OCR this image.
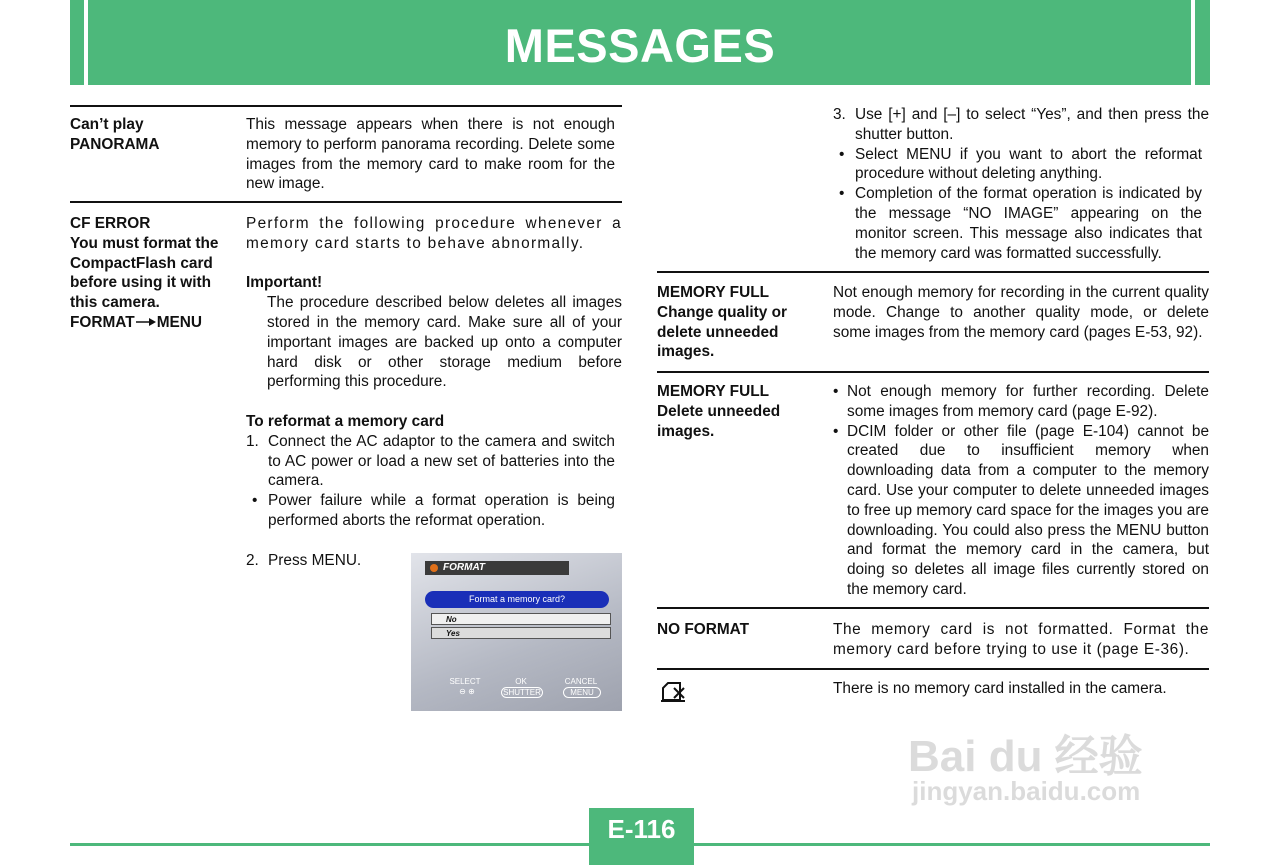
MESSAGES
Can’t play
PANORAMA
This message appears when there is not enough memory to perform panorama recording. Delete some images from the memory card to make room for the new image.
CF ERROR
You must format the
CompactFlash card
before using it with
this camera.
FORMAT MENU
Perform the following procedure whenever a memory card starts to behave abnormally.
Important!
The procedure described below deletes all images stored in the memory card. Make sure all of your important images are backed up onto a computer hard disk or other storage medium before performing this procedure.
To reformat a memory card
1. Connect the AC adaptor to the camera and switch to AC power or load a new set of batteries into the camera.
• Power failure while a format operation is being performed aborts the reformat operation.
2. Press MENU.	FORMAT
Format a memory card?
No
Yes
SELECT
⊖ ⊕
OK
SHUTTER
CANCEL
MENU
3. Use [+] and [–] to select “Yes”, and then press the shutter button.
• Select MENU if you want to abort the reformat procedure without deleting anything.
• Completion of the format operation is indicated by the message “NO IMAGE” appearing on the monitor screen. This message also indicates that the memory card was formatted successfully.
MEMORY FULL
Change quality or
delete unneeded
images.
Not enough memory for recording in the current quality mode. Change to another quality mode, or delete some images from the memory card (pages E-53, 92).
MEMORY FULL
Delete unneeded
images.
• Not enough memory for further recording. Delete some images from memory card (page E-92).
• DCIM folder or other file (page E-104) cannot be created due to insufficient memory when downloading data from a computer to the memory card. Use your computer to delete unneeded images to free up memory card space for the images you are downloading. You could also press the MENU button and format the memory card in the camera, but doing so deletes all image files currently stored on the memory card.
NO FORMAT	The memory card is not formatted. Format the memory card before trying to use it (page E-36).
There is no memory card installed in the camera.
Bai du 经验
jingyan.baidu.com
E-116
